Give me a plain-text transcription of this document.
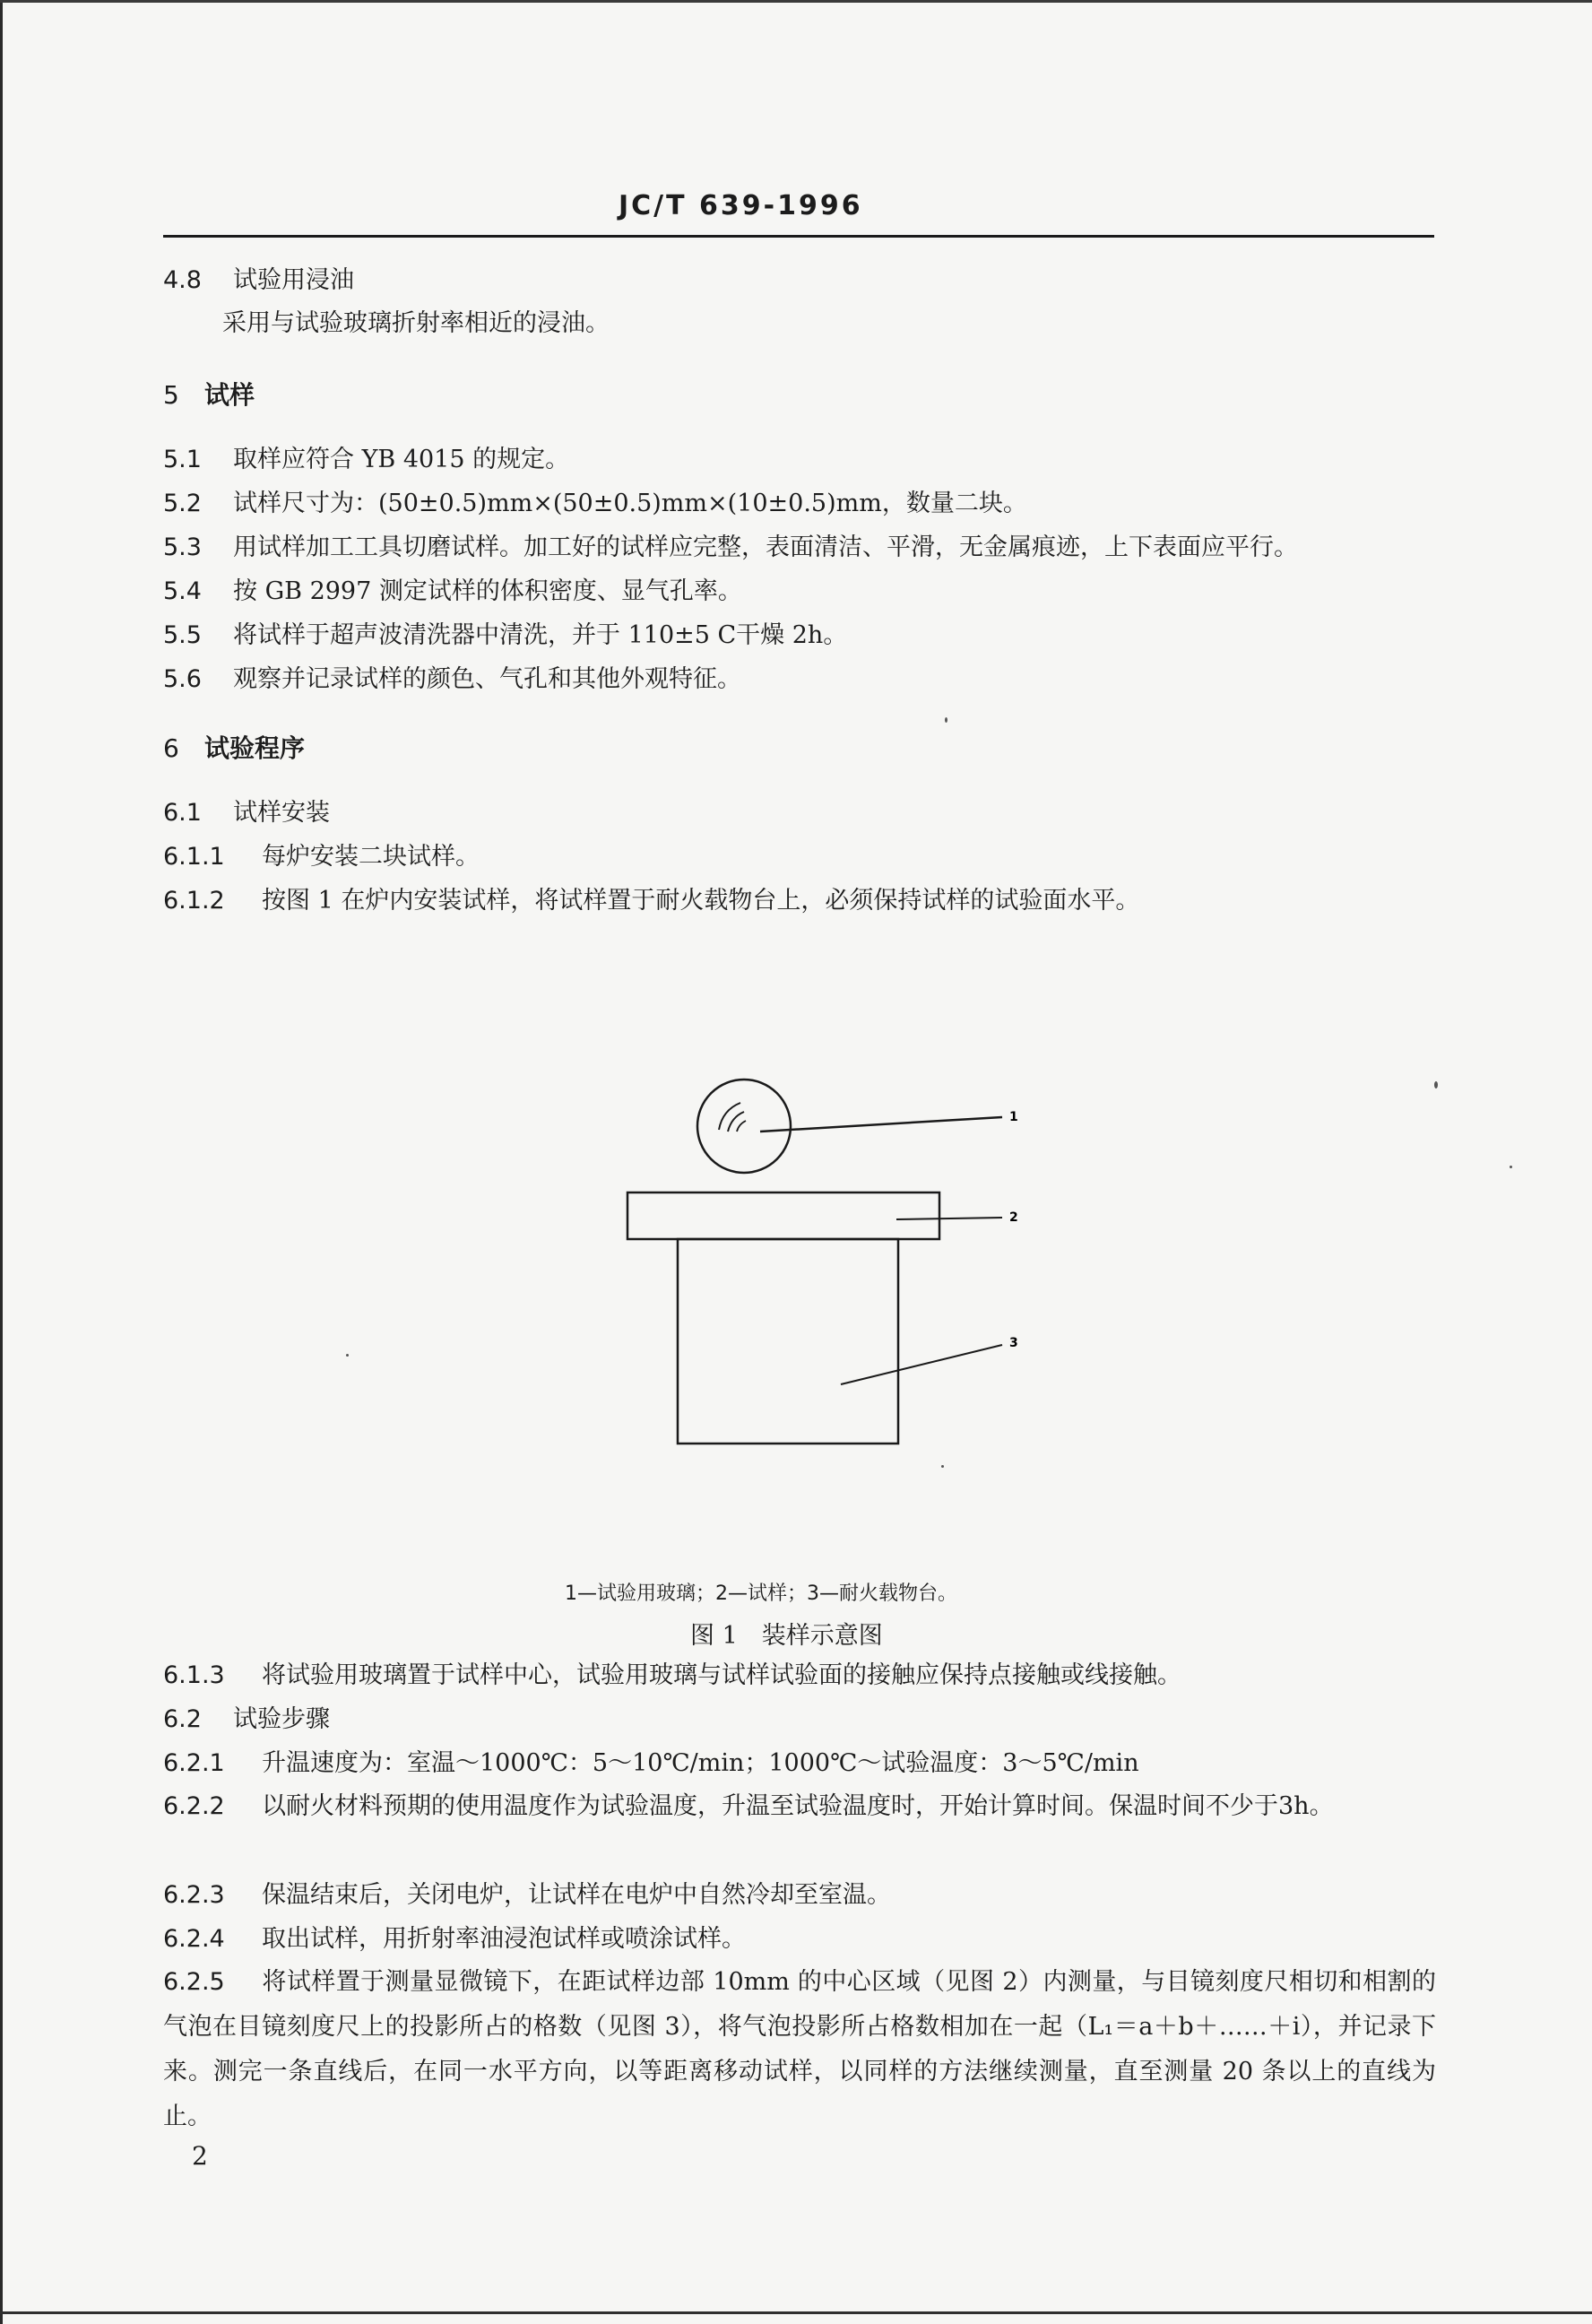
JC/T 639-1996
4.8 试验用浸油
采用与试验玻璃折射率相近的浸油。
5 试样
5.1 取样应符合 YB 4015 的规定。
5.2 试样尺寸为：(50±0.5)mm×(50±0.5)mm×(10±0.5)mm，数量二块。
5.3 用试样加工工具切磨试样。加工好的试样应完整，表面清洁、平滑，无金属痕迹，上下表面应平行。
5.4 按 GB 2997 测定试样的体积密度、显气孔率。
5.5 将试样于超声波清洗器中清洗，并于 110±5 C干燥 2h。
5.6 观察并记录试样的颜色、气孔和其他外观特征。
6 试验程序
6.1 试样安装
6.1.1 每炉安装二块试样。
6.1.2 按图 1 在炉内安装试样，将试样置于耐火载物台上，必须保持试样的试验面水平。
1
2
3
1—试验用玻璃；2—试样；3—耐火载物台。
图 1　装样示意图
6.1.3 将试验用玻璃置于试样中心，试验用玻璃与试样试验面的接触应保持点接触或线接触。
6.2 试验步骤
6.2.1 升温速度为：室温～1000℃：5～10℃/min；1000℃～试验温度：3～5℃/min
6.2.2 以耐火材料预期的使用温度作为试验温度，升温至试验温度时，开始计算时间。保温时间不少于3h。
6.2.3 保温结束后，关闭电炉，让试样在电炉中自然冷却至室温。
6.2.4 取出试样，用折射率油浸泡试样或喷涂试样。
6.2.5 将试样置于测量显微镜下，在距试样边部 10mm 的中心区域（见图 2）内测量，与目镜刻度尺相切和相割的气泡在目镜刻度尺上的投影所占的格数（见图 3），将气泡投影所占格数相加在一起（L₁＝a＋b＋……＋i），并记录下来。测完一条直线后，在同一水平方向，以等距离移动试样，以同样的方法继续测量，直至测量 20 条以上的直线为止。
2
